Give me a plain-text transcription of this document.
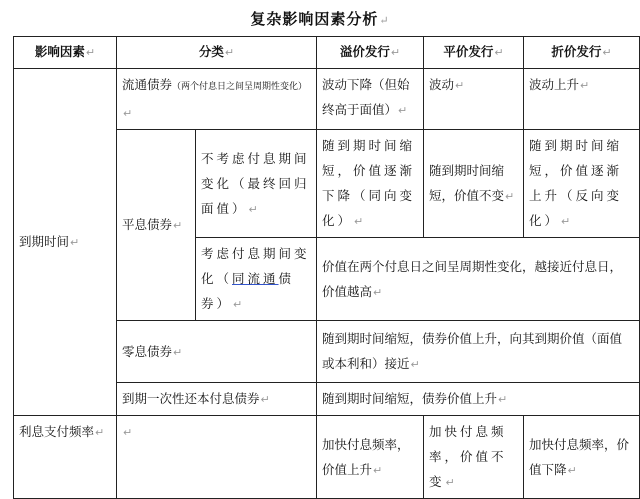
复杂影响因素分析↵
影响因素↵	分类↵		溢价发行↵	平价发行↵	折价发行↵
到期时间↵	流通债券（两个付息日之间呈周期性变化）↵		波动下降（但始终高于面值）↵	波动↵	波动上升↵
	平息债券↵	不考虑付息期间变化（最终回归面值）↵	随到期时间缩短，价值逐渐下降（同向变化）↵	随到期时间缩短，价值不变↵	随到期时间缩短，价值逐渐上升（反向变化）↵
		考虑付息期间变化（同流通债券）↵	价值在两个付息日之间呈周期性变化，越接近付息日，价值越高↵		
	零息债券↵		随到期时间缩短，债券价值上升，向其到期价值（面值或本利和）接近↵		
	到期一次性还本付息债券↵		随到期时间缩短，债券价值上升↵		

利息支付频率↵	↵		加快付息频率，价值上升↵	加快付息频率，价值不变↵	加快付息频率，价值下降↵
